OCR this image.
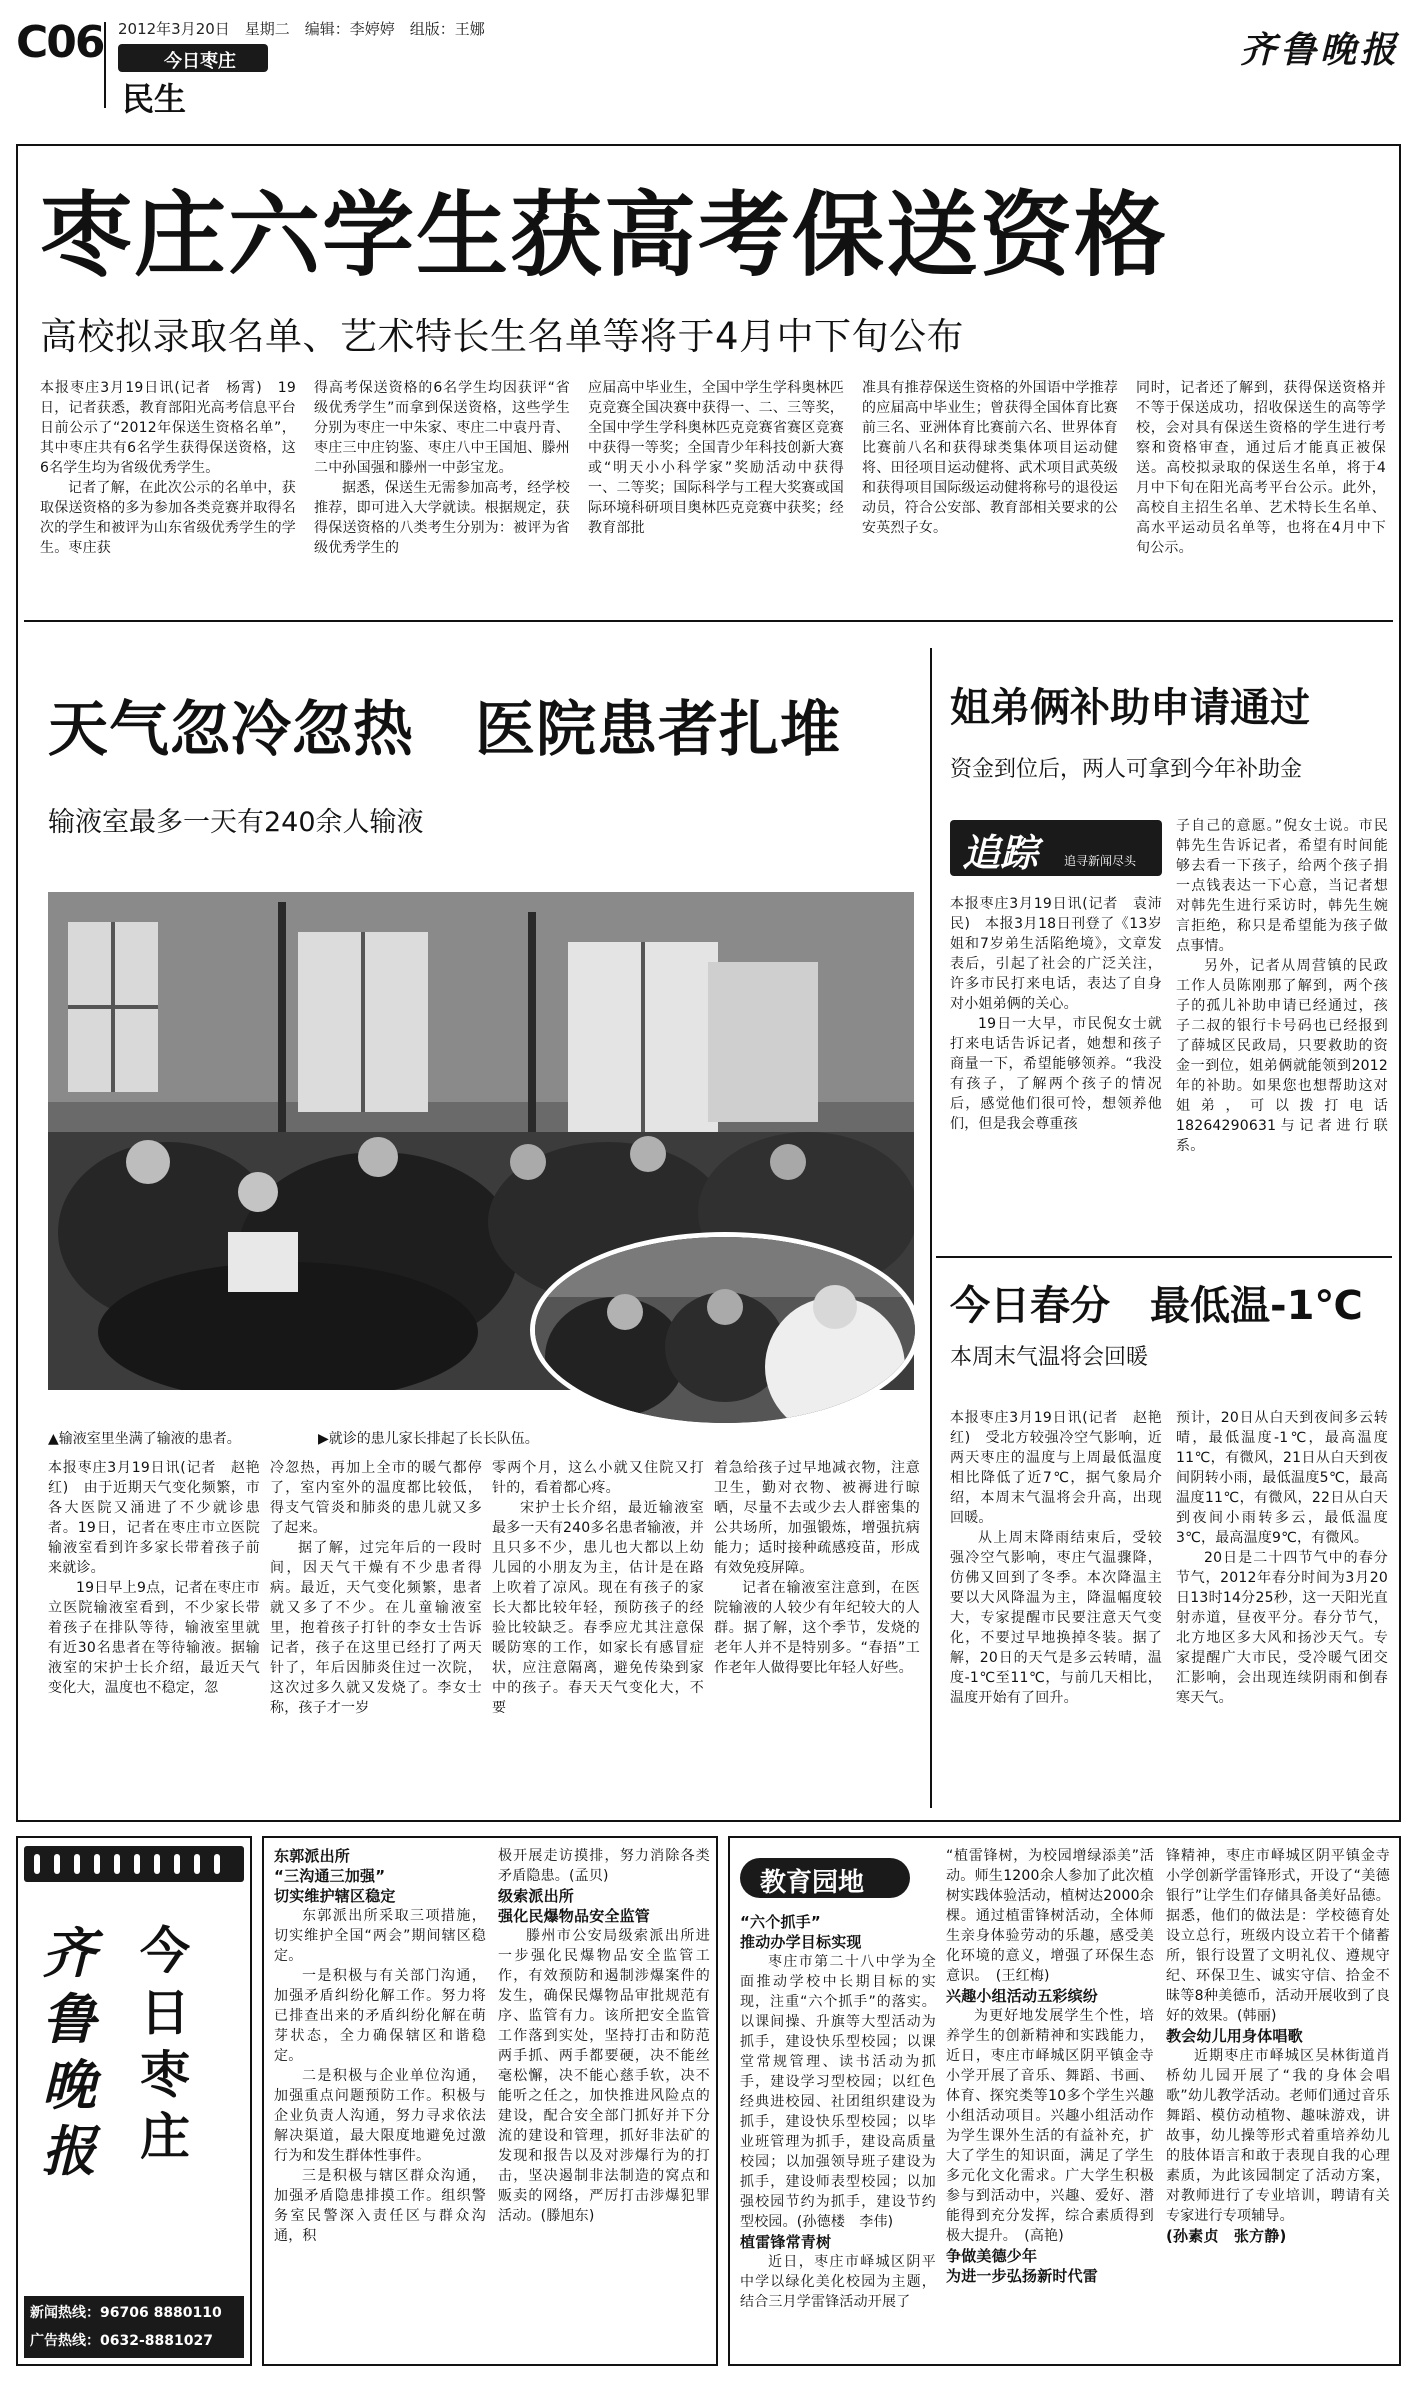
C06 2012年3月20日　星期二　编辑：李婷婷　组版：王娜
今日枣庄
民生
齐鲁晚报
枣庄六学生获高考保送资格
高校拟录取名单、艺术特长生名单等将于4月中下旬公布

本报枣庄3月19日讯(记者　杨霄)　19日，记者获悉，教育部阳光高考信息平台日前公示了“2012年保送生资格名单”，其中枣庄共有6名学生获得保送资格，这6名学生均为省级优秀学生。

记者了解，在此次公示的名单中，获取保送资格的多为参加各类竞赛并取得名次的学生和被评为山东省级优秀学生的学生。枣庄获

得高考保送资格的6名学生均因获评“省级优秀学生”而拿到保送资格，这些学生分别为枣庄一中朱家、枣庄二中袁丹青、枣庄三中庄钧鉴、枣庄八中王国旭、滕州二中孙国强和滕州一中彭宝龙。

据悉，保送生无需参加高考，经学校推荐，即可进入大学就读。根据规定，获得保送资格的八类考生分别为：被评为省级优秀学生的

应届高中毕业生，全国中学生学科奥林匹克竞赛全国决赛中获得一、二、三等奖，全国中学生学科奥林匹克竞赛省赛区竞赛中获得一等奖；全国青少年科技创新大赛或“明天小小科学家”奖励活动中获得一、二等奖；国际科学与工程大奖赛或国际环境科研项目奥林匹克竞赛中获奖；经教育部批

准具有推荐保送生资格的外国语中学推荐的应届高中毕业生；曾获得全国体育比赛前三名、亚洲体育比赛前六名、世界体育比赛前八名和获得球类集体项目运动健将、田径项目运动健将、武术项目武英级和获得项目国际级运动健将称号的退役运动员，符合公安部、教育部相关要求的公安英烈子女。

同时，记者还了解到，获得保送资格并不等于保送成功，招收保送生的高等学校，会对具有保送生资格的学生进行考察和资格审查，通过后才能真正被保送。高校拟录取的保送生名单，将于4月中下旬在阳光高考平台公示。此外，高校自主招生名单、艺术特长生名单、高水平运动员名单等，也将在4月中下旬公示。

天气忽冷忽热　医院患者扎堆
输液室最多一天有240余人输液
▲输液室里坐满了输液的患者。	▶就诊的患儿家长排起了长长队伍。

本报枣庄3月19日讯(记者　赵艳红)　由于近期天气变化频繁，市各大医院又涌进了不少就诊患者。19日，记者在枣庄市立医院输液室看到许多家长带着孩子前来就诊。

19日早上9点，记者在枣庄市立医院输液室看到，不少家长带着孩子在排队等待，输液室里就有近30名患者在等待输液。据输液室的宋护士长介绍，最近天气变化大，温度也不稳定，忽

冷忽热，再加上全市的暖气都停了，室内室外的温度都比较低，得支气管炎和肺炎的患儿就又多了起来。

据了解，过完年后的一段时间，因天气干燥有不少患者得病。最近，天气变化频繁，患者就又多了不少。在儿童输液室里，抱着孩子打针的李女士告诉记者，孩子在这里已经打了两天针了，年后因肺炎住过一次院，这次过多久就又发烧了。李女士称，孩子才一岁

零两个月，这么小就又住院又打针的，看着都心疼。

宋护士长介绍，最近输液室最多一天有240多名患者输液，并且只多不少，患儿也大都以上幼儿园的小朋友为主，估计是在路上吹着了凉风。现在有孩子的家长大都比较年轻，预防孩子的经验比较缺乏。春季应尤其注意保暖防寒的工作，如家长有感冒症状，应注意隔离，避免传染到家中的孩子。春天天气变化大，不要

着急给孩子过早地减衣物，注意卫生，勤对衣物、被褥进行晾晒，尽量不去或少去人群密集的公共场所，加强锻炼，增强抗病能力；适时接种疏感疫苗，形成有效免疫屏障。

记者在输液室注意到，在医院输液的人较少有年纪较大的人群。据了解，这个季节，发烧的老年人并不是特别多。“春捂”工作老年人做得要比年轻人好些。

姐弟俩补助申请通过
资金到位后，两人可拿到今年补助金
追踪 追寻新闻尽头

本报枣庄3月19日讯(记者　袁沛民)　本报3月18日刊登了《13岁姐和7岁弟生活陷绝境》，文章发表后，引起了社会的广泛关注，许多市民打来电话，表达了自身对小姐弟俩的关心。

19日一大早，市民倪女士就打来电话告诉记者，她想和孩子商量一下，希望能够领养。“我没有孩子，了解两个孩子的情况后，感觉他们很可怜，想领养他们，但是我会尊重孩

子自己的意愿。”倪女士说。市民韩先生告诉记者，希望有时间能够去看一下孩子，给两个孩子捐一点钱表达一下心意，当记者想对韩先生进行采访时，韩先生婉言拒绝，称只是希望能为孩子做点事情。

另外，记者从周营镇的民政工作人员陈刚那了解到，两个孩子的孤儿补助申请已经通过，孩子二叔的银行卡号码也已经报到了薛城区民政局，只要救助的资金一到位，姐弟俩就能领到2012年的补助。如果您也想帮助这对姐弟，可以拨打电话18264290631与记者进行联系。

今日春分　最低温-1℃
本周末气温将会回暖

本报枣庄3月19日讯(记者　赵艳红)　受北方较强冷空气影响，近两天枣庄的温度与上周最低温度相比降低了近7℃，据气象局介绍，本周末气温将会升高，出现回暖。

从上周末降雨结束后，受较强冷空气影响，枣庄气温骤降，仿佛又回到了冬季。本次降温主要以大风降温为主，降温幅度较大，专家提醒市民要注意天气变化，不要过早地换掉冬装。据了解，20日的天气是多云转晴，温度-1℃至11℃，与前几天相比，温度开始有了回升。

预计，20日从白天到夜间多云转晴，最低温度-1℃，最高温度11℃，有微风，21日从白天到夜间阴转小雨，最低温度5℃，最高温度11℃，有微风，22日从白天到夜间小雨转多云，最低温度3℃，最高温度9℃，有微风。

20日是二十四节气中的春分节气，2012年春分时间为3月20日13时14分25秒，这一天阳光直射赤道，昼夜平分。春分节气，北方地区多大风和扬沙天气。专家提醒广大市民，受冷暖气团交汇影响，会出现连续阴雨和倒春寒天气。

齐鲁晚报
今日枣庄
新闻热线：96706 8880110
广告热线：0632-8881027

东郭派出所

“三沟通三加强”

切实维护辖区稳定

东郭派出所采取三项措施，切实维护全国“两会”期间辖区稳定。

一是积极与有关部门沟通，加强矛盾纠纷化解工作。努力将已排查出来的矛盾纠纷化解在萌芽状态，全力确保辖区和谐稳定。

二是积极与企业单位沟通，加强重点问题预防工作。积极与企业负责人沟通，努力寻求依法解决渠道，最大限度地避免过激行为和发生群体性事件。

三是积极与辖区群众沟通，加强矛盾隐患排摸工作。组织警务室民警深入责任区与群众沟通，积

极开展走访摸排，努力消除各类矛盾隐患。(孟贝)

级索派出所

强化民爆物品安全监管

滕州市公安局级索派出所进一步强化民爆物品安全监管工作，有效预防和遏制涉爆案件的发生，确保民爆物品审批规范有序、监管有力。该所把安全监管工作落到实处，坚持打击和防范两手抓、两手都要硬，决不能丝毫松懈，决不能心慈手软，决不能听之任之，加快推进风险点的建设，配合安全部门抓好并下分流的建设和管理，抓好非法矿的发现和报告以及对涉爆行为的打击，坚决遏制非法制造的窝点和贩卖的网络，严厉打击涉爆犯罪活动。(滕旭东)

教育园地

“六个抓手”

推动办学目标实现

枣庄市第二十八中学为全面推动学校中长期目标的实现，注重“六个抓手”的落实。以课间操、升旗等大型活动为抓手，建设快乐型校园；以课堂常规管理、读书活动为抓手，建设学习型校园；以红色经典进校园、社团组织建设为抓手，建设快乐型校园；以毕业班管理为抓手，建设高质量校园；以加强领导班子建设为抓手，建设师表型校园；以加强校园节约为抓手，建设节约型校园。(孙德楼　李伟)

植雷锋常青树

近日，枣庄市峄城区阴平中学以绿化美化校园为主题，结合三月学雷锋活动开展了

“植雷锋树，为校园增绿添美”活动。师生1200余人参加了此次植树实践体验活动，植树达2000余棵。通过植雷锋树活动，全体师生亲身体验劳动的乐趣，感受美化环境的意义，增强了环保生态意识。　(王红梅)

兴趣小组活动五彩缤纷

为更好地发展学生个性，培养学生的创新精神和实践能力，近日，枣庄市峄城区阴平镇金寺小学开展了音乐、舞蹈、书画、体育、探究类等10多个学生兴趣小组活动项目。兴趣小组活动作为学生课外生活的有益补充，扩大了学生的知识面，满足了学生多元化文化需求。广大学生积极参与到活动中，兴趣、爱好、潜能得到充分发挥，综合素质得到极大提升。　(高艳)

争做美德少年

为进一步弘扬新时代雷

锋精神，枣庄市峄城区阴平镇金寺小学创新学雷锋形式，开设了“美德银行”让学生们存储具备美好品德。据悉，他们的做法是：学校德育处设立总行，班级内设立若干个储蓄所，银行设置了文明礼仪、遵规守纪、环保卫生、诚实守信、拾金不昧等8种美德币，活动开展收到了良好的效果。(韩丽)

教会幼儿用身体唱歌

近期枣庄市峄城区吴林街道肖桥幼儿园开展了“我的身体会唱歌”幼儿教学活动。老师们通过音乐舞蹈、模仿动植物、趣味游戏，讲故事，幼儿操等形式着重培养幼儿的肢体语言和敢于表现自我的心理素质，为此该园制定了活动方案，对教师进行了专业培训，聘请有关专家进行专项辅导。

(孙素贞　张方静)
